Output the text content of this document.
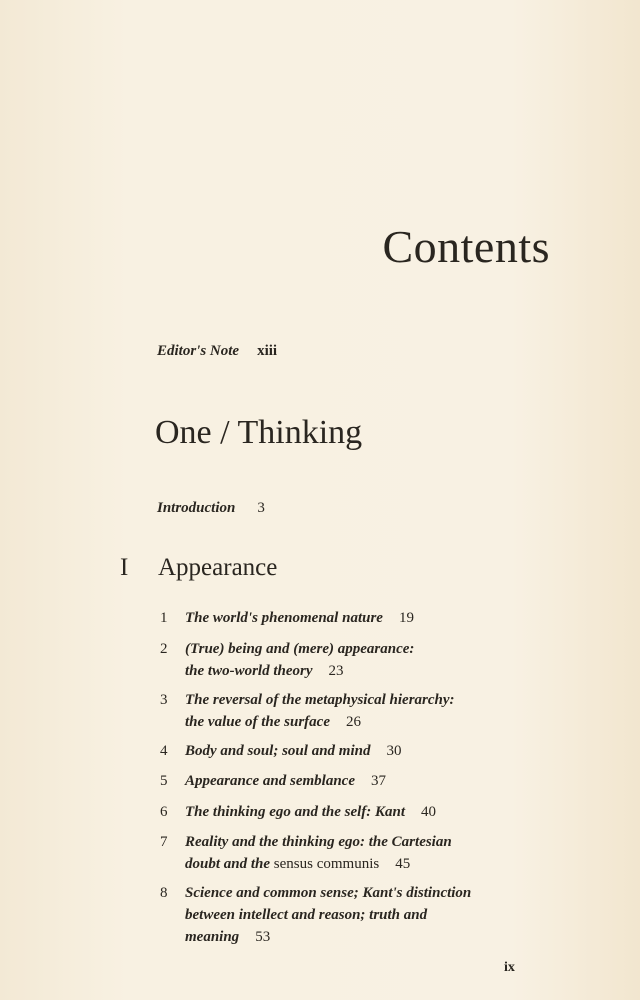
Contents
Editor's Note xiii
One / Thinking
Introduction 3
I Appearance
1 The world's phenomenal nature 19
2 (True) being and (mere) appearance:
the two-world theory 23
3 The reversal of the metaphysical hierarchy:
the value of the surface 26
4 Body and soul; soul and mind 30
5 Appearance and semblance 37
6 The thinking ego and the self: Kant 40
7 Reality and the thinking ego: the Cartesian
doubt and the sensus communis 45
8 Science and common sense; Kant's distinction
between intellect and reason; truth and
meaning 53
ix
